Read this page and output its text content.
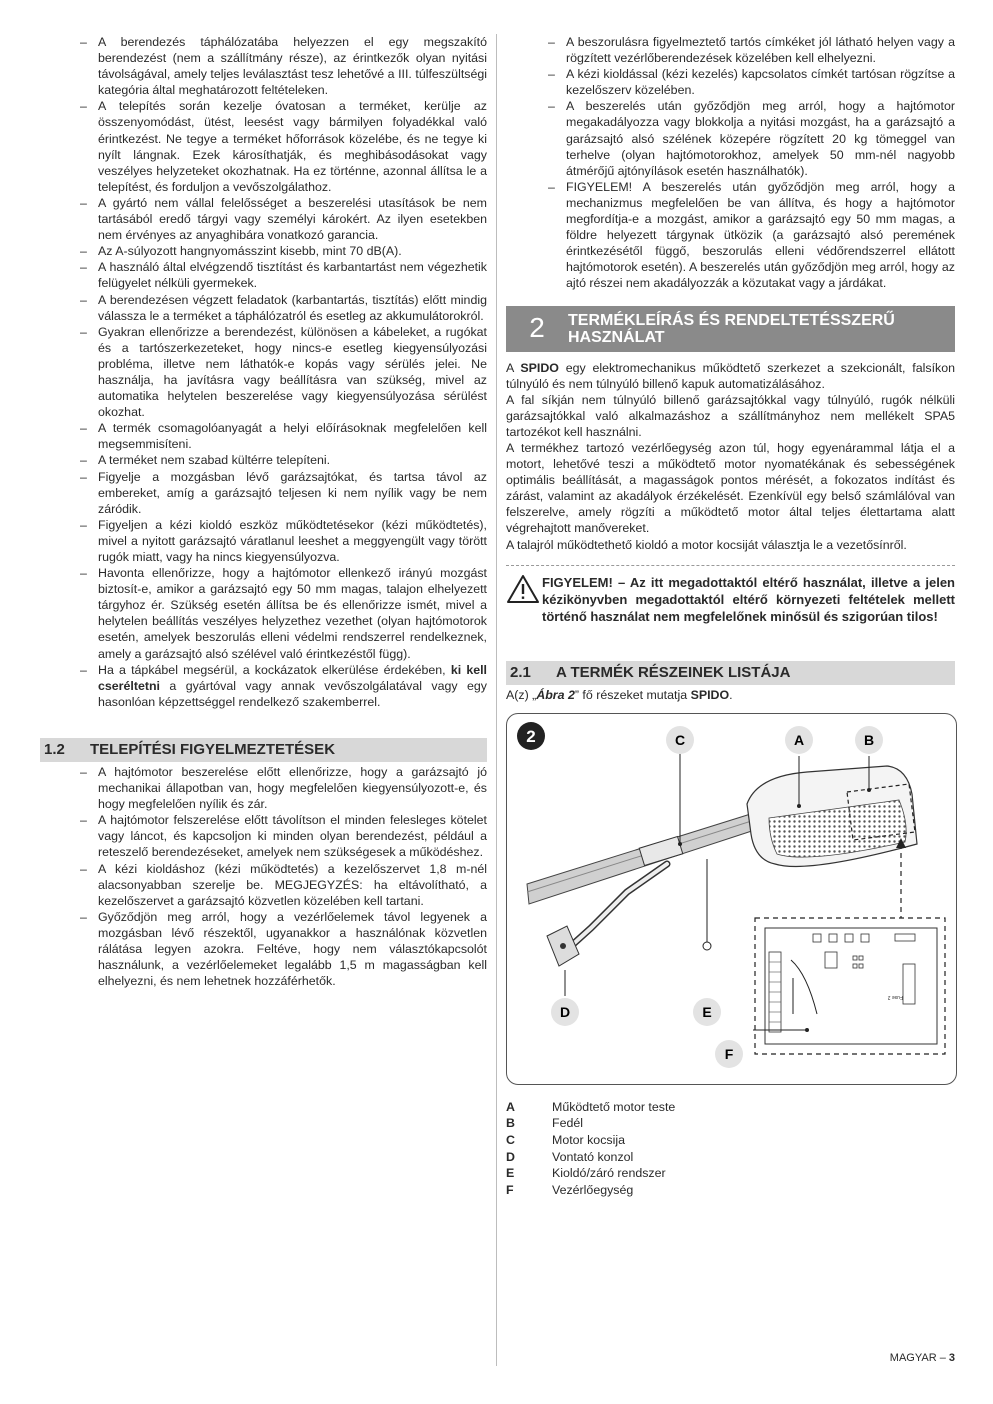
– A berendezés táphálózatába helyezzen el egy megszakító berendezést (nem a szállítmány része), az érintkezők olyan nyitási távolságával, amely teljes leválasztást tesz lehetővé a III. túlfeszültségi kategória által meghatározott feltételeken.
– A telepítés során kezelje óvatosan a terméket, kerülje az összenyomódást, ütést, leesést vagy bármilyen folyadékkal való érintkezést. Ne tegye a terméket hőforrások közelébe, és ne tegye ki nyílt lángnak. Ezek károsíthatják, és meghibásodásokat vagy veszélyes helyzeteket okozhatnak. Ha ez történne, azonnal állítsa le a telepítést, és forduljon a vevőszolgálathoz.
– A gyártó nem vállal felelősséget a beszerelési utasítások be nem tartásából eredő tárgyi vagy személyi károkért. Az ilyen esetekben nem érvényes az anyaghibára vonatkozó garancia.
– Az A-súlyozott hangnyomásszint kisebb, mint 70 dB(A).
– A használó által elvégzendő tisztítást és karbantartást nem végezhetik felügyelet nélküli gyermekek.
– A berendezésen végzett feladatok (karbantartás, tisztítás) előtt mindig válassza le a terméket a táphálózatról és esetleg az akkumulátorokról.
– Gyakran ellenőrizze a berendezést, különösen a kábeleket, a rugókat és a tartószerkezeteket, hogy nincs-e esetleg kiegyensúlyozási probléma, illetve nem láthatók-e kopás vagy sérülés jelei. Ne használja, ha javításra vagy beállításra van szükség, mivel az automatika helytelen beszerelése vagy kiegyensúlyozása sérülést okozhat.
– A termék csomagolóanyagát a helyi előírásoknak megfelelően kell megsemmisíteni.
– A terméket nem szabad kültérre telepíteni.
– Figyelje a mozgásban lévő garázsajtókat, és tartsa távol az embereket, amíg a garázsajtó teljesen ki nem nyílik vagy be nem záródik.
– Figyeljen a kézi kioldó eszköz működtetésekor (kézi működtetés), mivel a nyitott garázsajtó váratlanul leeshet a meggyengült vagy törött rugók miatt, vagy ha nincs kiegyensúlyozva.
– Havonta ellenőrizze, hogy a hajtómotor ellenkező irányú mozgást biztosít-e, amikor a garázsajtó egy 50 mm magas, talajon elhelyezett tárgyhoz ér. Szükség esetén állítsa be és ellenőrizze ismét, mivel a helytelen beállítás veszélyes helyzethez vezethet (olyan hajtómotorok esetén, amelyek beszorulás elleni védelmi rendszerrel rendelkeznek, amely a garázsajtó alsó szélével való érintkezéstől függ).
– Ha a tápkábel megsérül, a kockázatok elkerülése érdekében, ki kell cseréltetni a gyártóval vagy annak vevőszolgálatával vagy egy hasonlóan képzettséggel rendelkező szakemberrel.
1.2	TELEPÍTÉSI FIGYELMEZTETÉSEK
– A hajtómotor beszerelése előtt ellenőrizze, hogy a garázsajtó jó mechanikai állapotban van, hogy megfelelően kiegyensúlyozott-e, és hogy megfelelően nyílik és zár.
– A hajtómotor felszerelése előtt távolítson el minden felesleges kötelet vagy láncot, és kapcsoljon ki minden olyan berendezést, például a reteszelő berendezéseket, amelyek nem szükségesek a működéshez.
– A kézi kioldáshoz (kézi működtetés) a kezelőszervet 1,8 m-nél alacsonyabban szerelje be. MEGJEGYZÉS: ha eltávolítható, a kezelőszervet a garázsajtó közvetlen közelében kell tartani.
– Győződjön meg arról, hogy a vezérlőelemek távol legyenek a mozgásban lévő részektől, ugyanakkor a használónak közvetlen rálátása legyen azokra. Feltéve, hogy nem választókapcsolót használunk, a vezérlőelemeket legalább 1,5 m magasságban kell elhelyezni, és nem lehetnek hozzáférhetők.
– A beszorulásra figyelmeztető tartós címkéket jól látható helyen vagy a rögzített vezérlőberendezések közelében kell elhelyezni.
– A kézi kioldással (kézi kezelés) kapcsolatos címkét tartósan rögzítse a kezelőszerv közelében.
– A beszerelés után győződjön meg arról, hogy a hajtómotor megakadályozza vagy blokkolja a nyitási mozgást, ha a garázsajtó a garázsajtó alsó szélének közepére rögzített 20 kg tömeggel van terhelve (olyan hajtómotorokhoz, amelyek 50 mm-nél nagyobb átmérőjű ajtónyílások esetén használhatók).
– FIGYELEM! A beszerelés után győződjön meg arról, hogy a mechanizmus megfelelően be van állítva, és hogy a hajtómotor megfordítja-e a mozgást, amikor a garázsajtó egy 50 mm magas, a földre helyezett tárgynak ütközik (a garázsajtó alsó peremének érintkezésétől függő, beszorulás elleni védőrendszerrel ellátott hajtómotorok esetén). A beszerelés után győződjön meg arról, hogy az ajtó részei nem akadályozzák a közutakat vagy a járdákat.
2	TERMÉKLEÍRÁS ÉS RENDELTETÉSSZERŰ
HASZNÁLAT

A SPIDO egy elektromechanikus működtető szerkezet a szekcionált, falsíkon túlnyúló és nem túlnyúló billenő kapuk automatizálásához.

A fal síkján nem túlnyúló billenő garázsajtókkal vagy túlnyúló, rugók nélküli garázsajtókkal való alkalmazáshoz a szállítmányhoz nem mellékelt SPA5 tartozékot kell használni.

A termékhez tartozó vezérlőegység azon túl, hogy egyenárammal látja el a motort, lehetővé teszi a működtető motor nyomatékának és sebességének optimális beállítását, a magasságok pontos mérését, a fokozatos indítást és zárást, valamint az akadályok érzékelését. Ezenkívül egy belső számlálóval van felszerelve, amely rögzíti a működtető motor által teljes élettartama alatt végrehajtott manővereket.

A talajról működtethető kioldó a motor kocsiját választja le a vezetősínről.

FIGYELEM! – Az itt megadottaktól eltérő használat, illetve a jelen kézikönyvben megadottaktól eltérő környezeti feltételek mellett történő használat nem megfelelőnek minősül és szigorúan tilos!
2.1	A TERMÉK RÉSZEINEK LISTÁJA

A(z) „Ábra 2” fő részeket mutatja SPIDO.

2
Fuse 2
C	A	B
D	E
F
A	Működtető motor teste
B	Fedél
C	Motor kocsija
D	Vontató konzol
E	Kioldó/záró rendszer
F	Vezérlőegység
MAGYAR – 3
